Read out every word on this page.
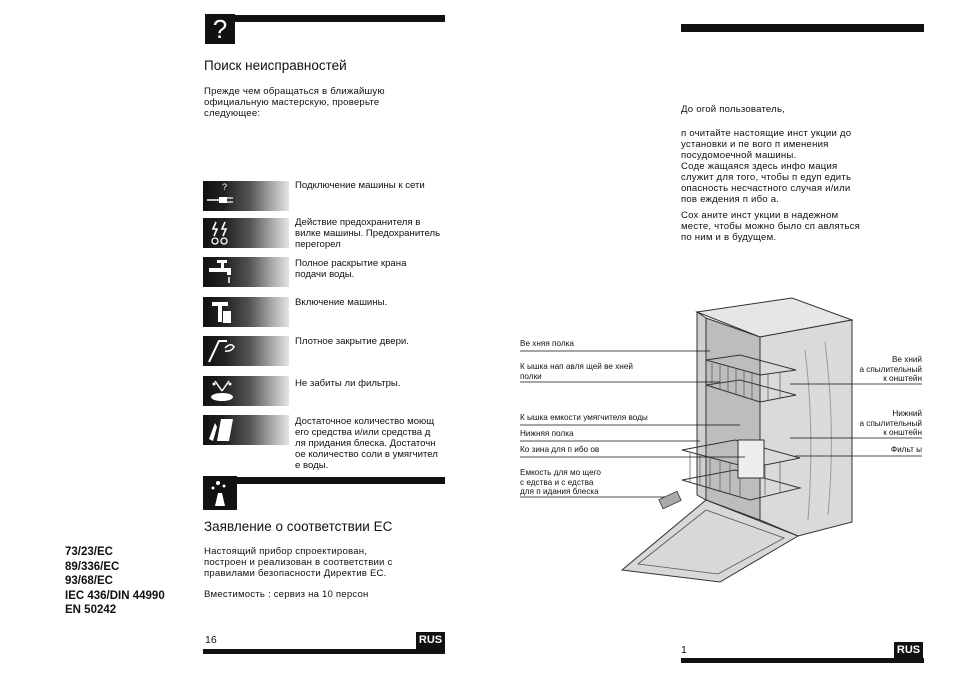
?
Поиск неисправностей
Прежде чем обращаться в ближайшую
официальную мастерскую, проверьте
следующее:
?	Подключение машины к сети
Действие предохранителя в
вилке машины. Предохранитель
перегорел
Полное раскрытие крана
подачи воды.
Включение машины.
Плотное закрытие двери.
Не забиты ли фильтры.
Достаточное количество моющ
его средства и/или средства д
ля придания блеска. Достаточн
ое количество соли в умягчител
е воды.
Заявление о соответствии ЕС
73/23/EC
89/336/EC
93/68/EC
IEC 436/DIN 44990
EN 50242
Настоящий прибор спроектирован,
построен и реализован в соответствии с
правилами безопасности Директив ЕС.
Вместимость : сервиз на 10 персон
16	RUS
До огой пользователь,
п очитайте настоящие инст укции до
установки и пе вого п именения
посудомоечной машины.
Соде жащаяся здесь инфо мация
служит для того, чтобы п едуп едить
опасность несчастного случая и/или
пов еждения п ибо а.
Сох аните инст укции в надежном
месте, чтобы можно было сп авляться
по ним и в будущем.
Ве хняя полка
К ышка нап авля щей ве хней
полки
К ышка емкости умягчителя воды
Нижняя полка
Ко зина для п ибо ов
Емкость для мо щего
с едства и с едства
для п идания блеска
Ве хний
а спылительный
к онштейн
Нижний
а спылительный
к онштейн
Фильт ы
1	RUS
